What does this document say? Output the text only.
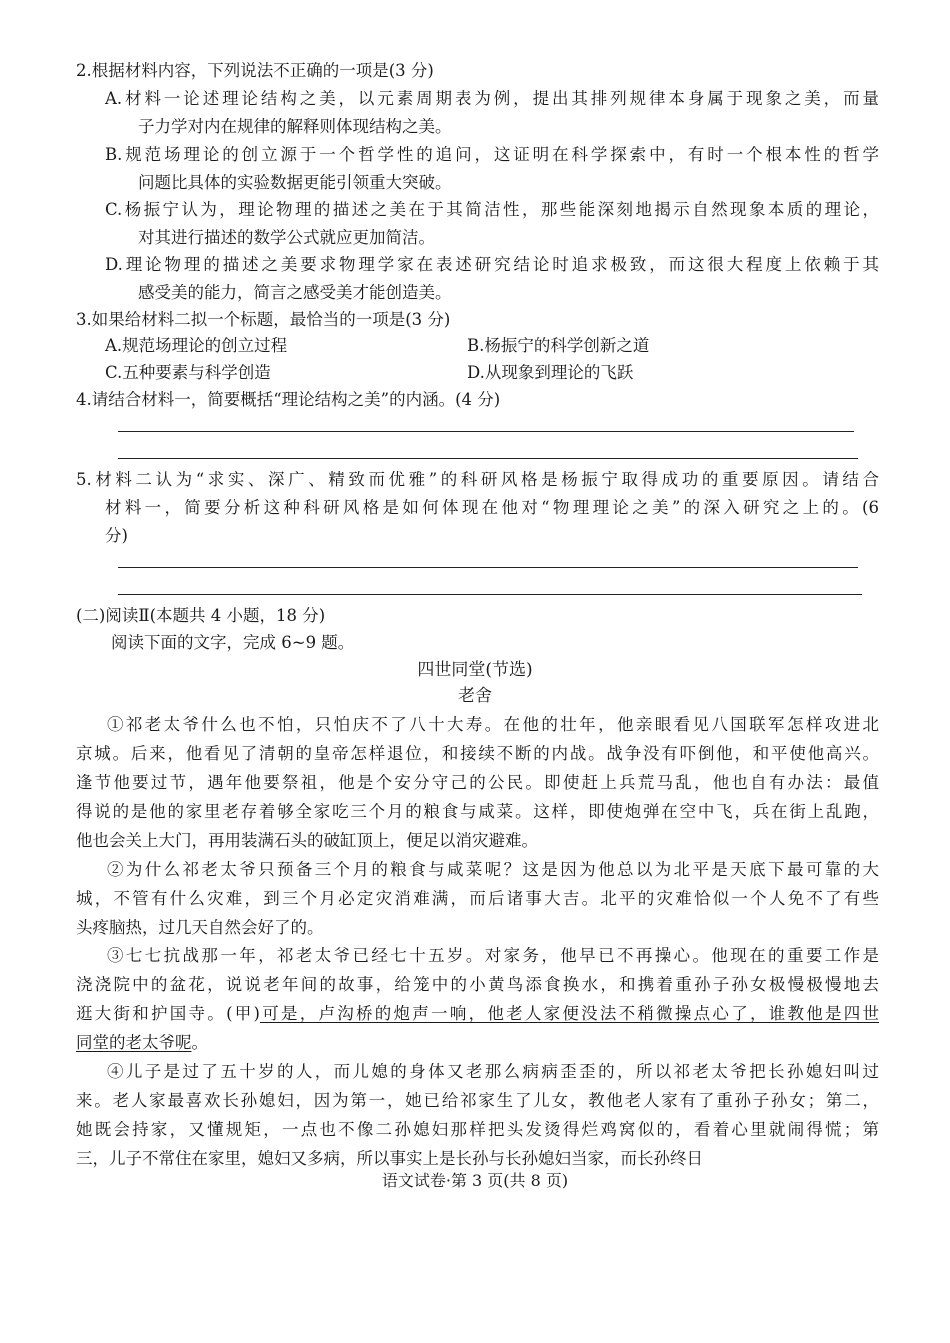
2.根据材料内容，下列说法不正确的一项是(3 分)
A.材料一论述理论结构之美，以元素周期表为例，提出其排列规律本身属于现象之美，而量
子力学对内在规律的解释则体现结构之美。
B.规范场理论的创立源于一个哲学性的追问，这证明在科学探索中，有时一个根本性的哲学
问题比具体的实验数据更能引领重大突破。
C.杨振宁认为，理论物理的描述之美在于其简洁性，那些能深刻地揭示自然现象本质的理论，
对其进行描述的数学公式就应更加简洁。
D.理论物理的描述之美要求物理学家在表述研究结论时追求极致，而这很大程度上依赖于其
感受美的能力，简言之感受美才能创造美。
3.如果给材料二拟一个标题，最恰当的一项是(3 分)
A.规范场理论的创立过程	B.杨振宁的科学创新之道
C.五种要素与科学创造	D.从现象到理论的飞跃
4.请结合材料一，简要概括“理论结构之美”的内涵。(4 分)
5.材料二认为“求实、深广、精致而优雅”的科研风格是杨振宁取得成功的重要原因。请结合
材料一，简要分析这种科研风格是如何体现在他对“物理理论之美”的深入研究之上的。(6
分)
(二)阅读Ⅱ(本题共 4 小题，18 分)
阅读下面的文字，完成 6~9 题。
四世同堂(节选)
老舍
①祁老太爷什么也不怕，只怕庆不了八十大寿。在他的壮年，他亲眼看见八国联军怎样攻进北
京城。后来，他看见了清朝的皇帝怎样退位，和接续不断的内战。战争没有吓倒他，和平使他高兴。
逢节他要过节，遇年他要祭祖，他是个安分守己的公民。即使赶上兵荒马乱，他也自有办法：最值
得说的是他的家里老存着够全家吃三个月的粮食与咸菜。这样，即使炮弹在空中飞，兵在街上乱跑，
他也会关上大门，再用装满石头的破缸顶上，便足以消灾避难。
②为什么祁老太爷只预备三个月的粮食与咸菜呢？这是因为他总以为北平是天底下最可靠的大
城，不管有什么灾难，到三个月必定灾消难满，而后诸事大吉。北平的灾难恰似一个人免不了有些
头疼脑热，过几天自然会好了的。
③七七抗战那一年，祁老太爷已经七十五岁。对家务，他早已不再操心。他现在的重要工作是
浇浇院中的盆花，说说老年间的故事，给笼中的小黄鸟添食换水，和携着重孙子孙女极慢极慢地去
逛大街和护国寺。(甲)可是，卢沟桥的炮声一响，他老人家便没法不稍微操点心了，谁教他是四世
同堂的老太爷呢。
④儿子是过了五十岁的人，而儿媳的身体又老那么病病歪歪的，所以祁老太爷把长孙媳妇叫过
来。老人家最喜欢长孙媳妇，因为第一，她已给祁家生了儿女，教他老人家有了重孙子孙女；第二，
她既会持家，又懂规矩，一点也不像二孙媳妇那样把头发烫得烂鸡窝似的，看着心里就闹得慌；第
三，儿子不常住在家里，媳妇又多病，所以事实上是长孙与长孙媳妇当家，而长孙终日
语文试卷·第 3 页(共 8 页)
